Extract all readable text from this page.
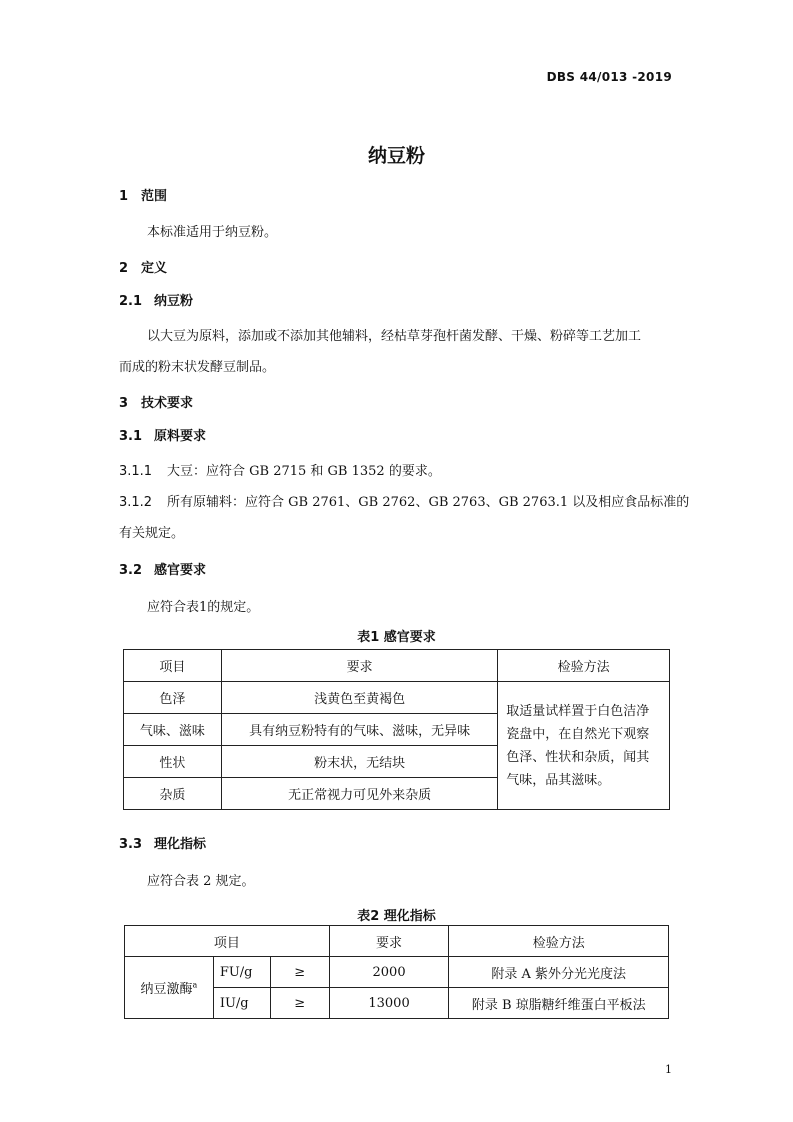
DBS 44/013 -2019
纳豆粉
1 范围
本标准适用于纳豆粉。
2 定义
2.1 纳豆粉
以大豆为原料，添加或不添加其他辅料，经枯草芽孢杆菌发酵、干燥、粉碎等工艺加工
而成的粉末状发酵豆制品。
3 技术要求
3.1 原料要求
3.1.1 大豆：应符合 GB 2715 和 GB 1352 的要求。
3.1.2 所有原辅料：应符合 GB 2761、GB 2762、GB 2763、GB 2763.1 以及相应食品标准的
有关规定。
3.2 感官要求
应符合表1的规定。
表1 感官要求
项目	要求	检验方法
色泽	浅黄色至黄褐色	取适量试样置于白色洁净
瓷盘中，在自然光下观察
色泽、性状和杂质，闻其
气味，品其滋味。

气味、滋味	具有纳豆粉特有的气味、滋味，无异味	
性状	粉末状，无结块	
杂质	无正常视力可见外来杂质	
3.3 理化指标
应符合表 2 规定。
表2 理化指标
项目			要求	检验方法
纳豆激酶$^a$	FU/g	≥	2000	附录 A 紫外分光光度法
	IU/g	≥	13000	附录 B 琼脂糖纤维蛋白平板法
1
